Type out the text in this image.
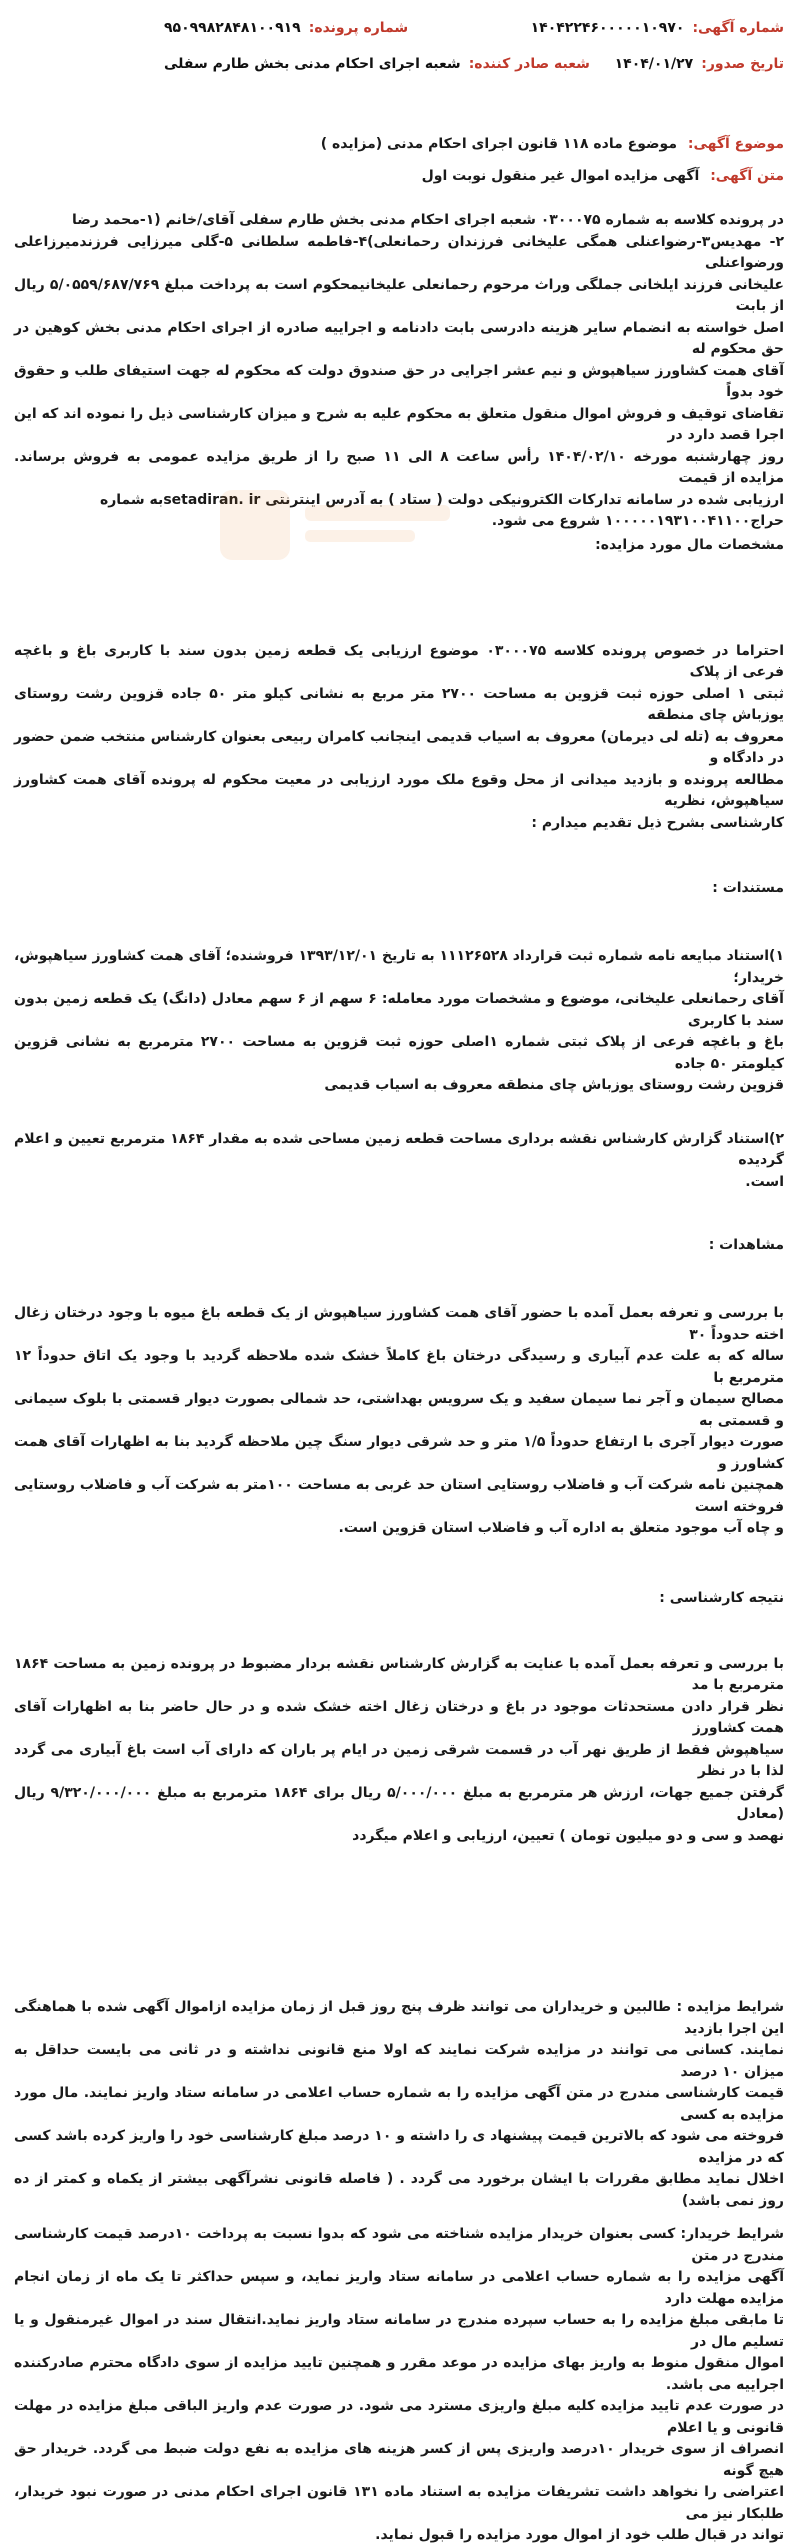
شماره آگهی:
۱۴۰۴۲۲۴۶۰۰۰۰۰۱۰۹۷۰
شماره پرونده:
۹۵۰۹۹۸۲۸۴۸۱۰۰۹۱۹
تاریخ صدور:
۱۴۰۴/۰۱/۲۷
شعبه صادر کننده:
شعبه اجرای احکام مدنی بخش طارم سفلی
موضوع آگهی: موضوع ماده ۱۱۸ قانون اجرای احکام مدنی (مزایده )
متن آگهی: آگهی مزایده اموال غیر منقول نوبت اول
در پرونده کلاسه به شماره ۰۳۰۰۰۷۵ شعبه اجرای احکام مدنی بخش طارم سفلی آقای/خانم (۱-محمد رضا
۲- مهدیس۳-رضواعنلی همگی علیخانی فرزندان رحمانعلی)۴-فاطمه سلطانی ۵-گلی میرزایی فرزندمیرزاعلی ورضواعنلی
علیخانی فرزند ایلخانی جملگی وراث مرحوم رحمانعلی علیخانیمحکوم است به پرداخت مبلغ ۵/۰۵۵۹/۶۸۷/۷۶۹ ریال از بابت
اصل خواسته به انضمام سایر هزینه دادرسی بابت دادنامه و اجراییه صادره از اجرای احکام مدنی بخش کوهین در حق محکوم له
آقای همت کشاورز سیاهپوش و نیم عشر اجرایی در حق صندوق دولت که محکوم له جهت استیفای طلب و حقوق خود بدواً
تقاضای توقیف و فروش اموال منقول متعلق به محکوم علیه به شرح و میزان کارشناسی ذیل را نموده اند که این اجرا قصد دارد در
روز چهارشنبه مورخه ۱۴۰۴/۰۲/۱۰ رأس ساعت ۸ الی ۱۱ صبح را از طریق مزایده عمومی به فروش برساند. مزایده از قیمت
ارزیابی شده در سامانه تدارکات الکترونیکی دولت ( ستاد ) به آدرس اینترنتی setadiran. irبه شماره
حراج۱۰۰۰۰۰۱۹۳۱۰۰۴۱۱۰۰ شروع می شود.
مشخصات مال مورد مزایده:
احتراما در خصوص پرونده کلاسه ۰۳۰۰۰۷۵ موضوع ارزیابی یک قطعه زمین بدون سند با کاربری باغ و باغچه فرعی از پلاک
ثبتی ۱ اصلی حوزه ثبت قزوین به مساحت ۲۷۰۰ متر مربع به نشانی کیلو متر ۵۰ جاده قزوین رشت روستای یوزباش چای منطقه
معروف به (تله لی دیرمان) معروف به اسیاب قدیمی اینجانب کامران ربیعی بعنوان کارشناس منتخب ضمن حضور در دادگاه و
مطالعه پرونده و بازدید میدانی از محل وقوع ملک مورد ارزیابی در معیت محکوم له پرونده آقای همت کشاورز سیاهپوش، نظریه
کارشناسی بشرح ذیل تقدیم میدارم :
مستندات :
۱)استناد مبایعه نامه شماره ثبت قرارداد ۱۱۱۲۶۵۲۸ به تاریخ ۱۳۹۳/۱۲/۰۱ فروشنده؛ آقای همت کشاورز سیاهپوش، خریدار؛
آقای رحمانعلی علیخانی، موضوع و مشخصات مورد معامله: ۶ سهم از ۶ سهم معادل (دانگ) یک قطعه زمین بدون سند با کاربری
باغ و باغچه فرعی از پلاک ثبتی شماره ۱اصلی حوزه ثبت قزوین به مساحت ۲۷۰۰ مترمربع به نشانی قزوین کیلومتر ۵۰ جاده
قزوین رشت روستای یوزباش چای منطقه معروف به اسیاب قدیمی
۲)استناد گزارش کارشناس نقشه برداری مساحت قطعه زمین مساحی شده به مقدار ۱۸۶۴ مترمربع تعیین و اعلام گردیده
است.
مشاهدات :
با بررسی و تعرفه بعمل آمده با حضور آقای همت کشاورز سیاهپوش از یک قطعه باغ میوه با وجود درختان زغال اخته حدوداً ۳۰
ساله که به علت عدم آبیاری و رسیدگی درختان باغ کاملاً خشک شده ملاحظه گردید با وجود یک اتاق حدوداً ۱۲ مترمربع با
مصالح سیمان و آجر نما سیمان سفید و یک سرویس بهداشتی، حد شمالی بصورت دیوار قسمتی با بلوک سیمانی و قسمتی به
صورت دیوار آجری با ارتفاع حدوداً ۱/۵ متر و حد شرقی دیوار سنگ چین ملاحظه گردید بنا به اظهارات آقای همت کشاورز و
همچنین نامه شرکت آب و فاضلاب روستایی استان حد غربی به مساحت ۱۰۰متر به شرکت آب و فاضلاب روستایی فروخته است
و چاه آب موجود متعلق به اداره آب و فاضلاب استان قزوین است.
نتیجه کارشناسی :
با بررسی و تعرفه بعمل آمده با عنایت به گزارش کارشناس نقشه بردار مضبوط در پرونده زمین به مساحت ۱۸۶۴ مترمربع با مد
نظر قرار دادن مستحدثات موجود در باغ و درختان زغال اخته خشک شده و در حال حاضر بنا به اظهارات آقای همت کشاورز
سیاهپوش فقط از طریق نهر آب در قسمت شرقی زمین در ایام پر باران که دارای آب است باغ آبیاری می گردد لذا با در نظر
گرفتن جمیع جهات، ارزش هر مترمربع به مبلغ ۵/۰۰۰/۰۰۰ ریال برای ۱۸۶۴ مترمربع به مبلغ ۹/۳۲۰/۰۰۰/۰۰۰ ریال (معادل
نهصد و سی و دو میلیون تومان ) تعیین، ارزیابی و اعلام میگردد
شرایط مزایده : طالبین و خریداران می توانند ظرف پنج روز قبل از زمان مزایده ازاموال آگهی شده با هماهنگی این اجرا بازدید
نمایند. کسانی می توانند در مزایده شرکت نمایند که اولا منع قانونی نداشته و در ثانی می بایست حداقل به میزان ۱۰ درصد
قیمت کارشناسی مندرج در متن آگهی مزایده را به شماره حساب اعلامی در سامانه ستاد واریز نمایند. مال مورد مزایده به کسی
فروخته می شود که بالاترین قیمت پیشنهاد ی را داشته و ۱۰ درصد مبلغ کارشناسی خود را واریز کرده باشد کسی که در مزایده
اخلال نماید مطابق مقررات با ایشان برخورد می گردد . ( فاصله قانونی نشرآگهی بیشتر از یکماه و کمتر از ده روز نمی باشد)
شرایط خریدار: کسی بعنوان خریدار مزایده شناخته می شود که بدوا نسبت به پرداخت ۱۰درصد قیمت کارشناسی مندرج در متن
آگهی مزایده را به شماره حساب اعلامی در سامانه ستاد واریز نماید، و سپس حداکثر تا یک ماه از زمان انجام مزایده مهلت دارد
تا مابقی مبلغ مزایده را به حساب سپرده مندرج در سامانه ستاد واریز نماید.انتقال سند در اموال غیرمنقول و یا تسلیم مال در
اموال منقول منوط به واریز بهای مزایده در موعد مقرر و همچنین تایید مزایده از سوی دادگاه محترم صادرکننده اجراییه می باشد.
در صورت عدم تایید مزایده کلیه مبلغ واریزی مسترد می شود. در صورت عدم واریز الباقی مبلغ مزایده در مهلت قانونی و یا اعلام
انصراف از سوی خریدار ۱۰درصد واریزی پس از کسر هزینه های مزایده به نفع دولت ضبط می گردد. خریدار حق هیچ گونه
اعتراضی را نخواهد داشت تشریفات مزایده به استناد ماده ۱۳۱ قانون اجرای احکام مدنی در صورت نبود خریدار، طلبکار نیز می
تواند در قبال طلب خود از اموال مورد مزایده را قبول نماید.
